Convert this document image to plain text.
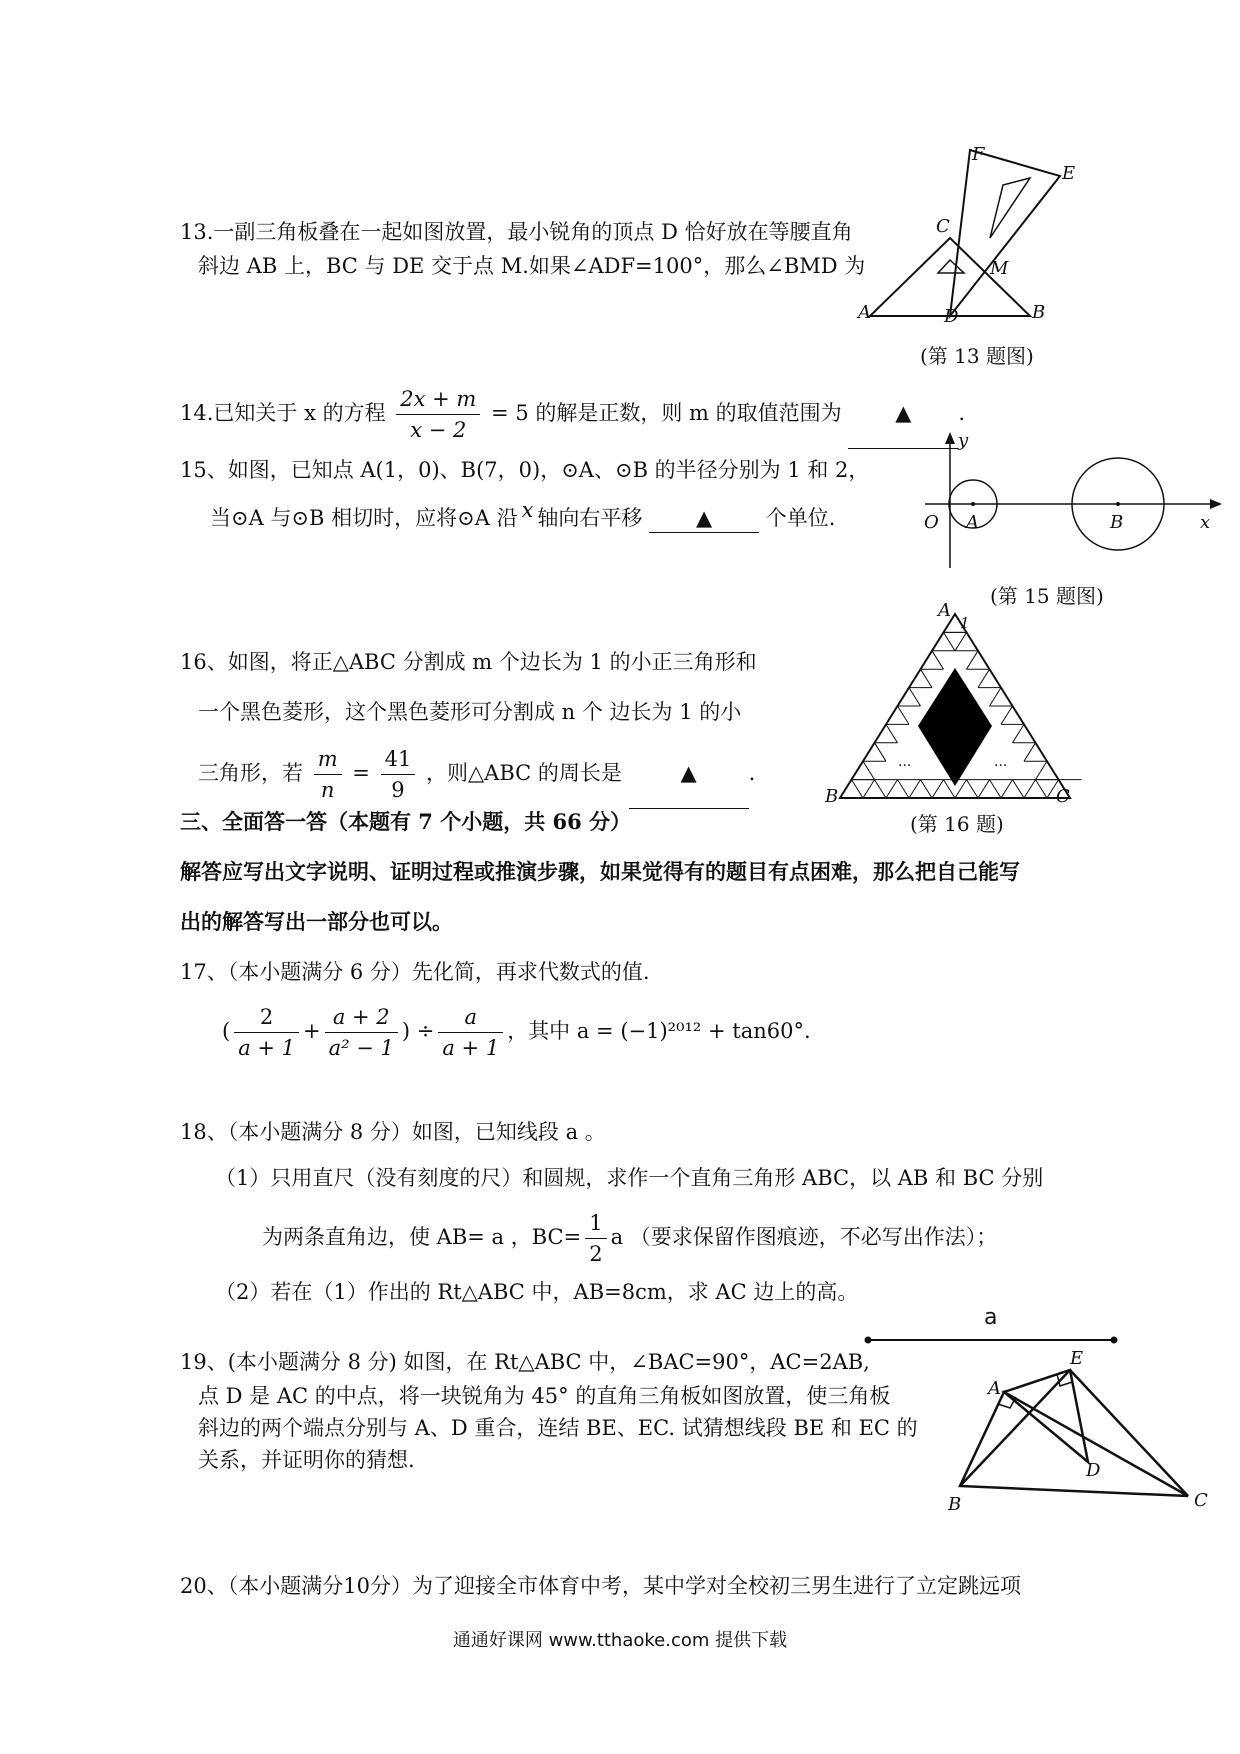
13.一副三角板叠在一起如图放置，最小锐角的顶点 D 恰好放在等腰直角
斜边 AB 上，BC 与 DE 交于点 M.如果∠ADF=100°，那么∠BMD 为
F
E
C
M
A	D	B
(第 13 题图)
14.已知关于 x 的方程 $\frac{2x + m}{x - 2} = 5$ 的解是正数，则 m 的取值范围为	▲ .
15、如图，已知点 A(1，0)、B(7，0)，⊙A、⊙B 的半径分别为 1 和 2，
当⊙A 与⊙B 相切时，应将⊙A 沿 x 轴向右平移	▲	个单位.
y
O A	B	x
(第 15 题图)
16、如图，将正△ABC 分割成 m 个边长为 1 的小正三角形和
一个黑色菱形，这个黑色菱形可分割成 n 个 边长为 1 的小
三角形，若 $\frac{m}{n} = \frac{41}{9}$ ，则△ABC 的周长是	▲ .
A
1
B	C
...	...
(第 16 题)
三、全面答一答（本题有 7 个小题，共 66 分）
解答应写出文字说明、证明过程或推演步骤，如果觉得有的题目有点困难，那么把自己能写
出的解答写出一部分也可以。
17、（本小题满分 6 分）先化简，再求代数式的值.
( $\frac{2}{a + 1} + \frac{a + 2}{\text{a² − 1}}$ ) ÷ $\frac{a}{a + 1}$ ，其中 a = (−1)²⁰¹² + tan60°.
18、（本小题满分 8 分）如图，已知线段 a 。
（1）只用直尺（没有刻度的尺）和圆规，求作一个直角三角形 ABC，以 AB 和 BC 分别
为两条直角边，使 AB= a ，$BC= \frac{1}{2}$ a （要求保留作图痕迹，不必写出作法）；
（2）若在（1）作出的 Rt△ABC 中，AB=8cm，求 AC 边上的高。
a
19、(本小题满分 8 分) 如图，在 Rt△ABC 中，∠BAC=90°，AC=2AB,
点 D 是 AC 的中点，将一块锐角为 45° 的直角三角板如图放置，使三角板
斜边的两个端点分别与 A、D 重合，连结 BE、EC. 试猜想线段 BE 和 EC 的
关系，并证明你的猜想.
A
E
D
B	C
20、（本小题满分10分）为了迎接全市体育中考，某中学对全校初三男生进行了立定跳远项
通通好课网 www.tthaoke.com 提供下载
